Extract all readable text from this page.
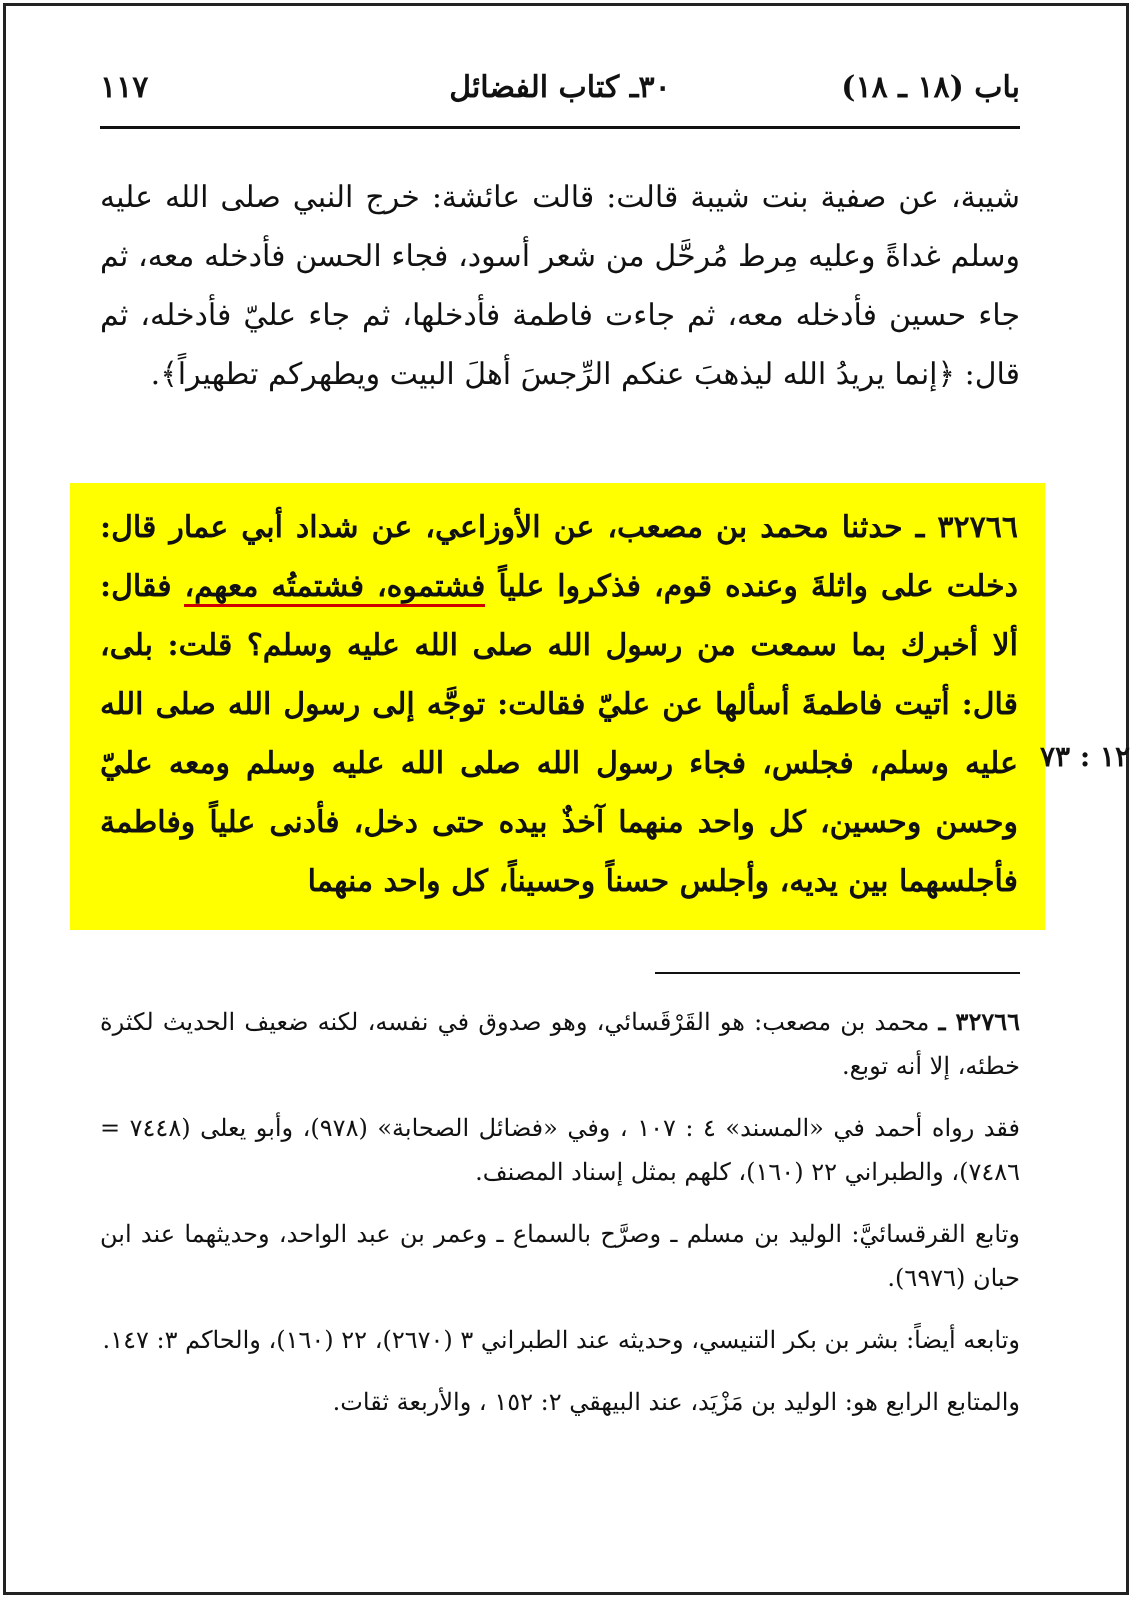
باب (١٨ ـ ١٨)
٣٠ـ كتاب الفضائل
١١٧
شيبة، عن صفية بنت شيبة قالت: قالت عائشة: خرج النبي صلى الله عليه وسلم غداةً وعليه مِرط مُرحَّل من شعر أسود، فجاء الحسن فأدخله معه، ثم جاء حسين فأدخله معه، ثم جاءت فاطمة فأدخلها، ثم جاء عليّ فأدخله، ثم قال: ﴿إنما يريدُ الله ليذهبَ عنكم الرِّجسَ أهلَ البيت ويطهركم تطهيراً﴾.

٣٢٧٦٦ ـ حدثنا محمد بن مصعب، عن الأوزاعي، عن شداد أبي عمار قال: دخلت على واثلةَ وعنده قوم، فذكروا علياً فشتموه، فشتمتُه معهم، فقال: ألا أخبرك بما سمعت من رسول الله صلى الله عليه وسلم؟ قلت: بلى، قال: أتيت فاطمةَ أسألها عن عليّ فقالت: توجَّه إلى رسول الله صلى الله عليه وسلم، فجلس، فجاء رسول الله صلى الله عليه وسلم ومعه عليّ وحسن وحسين، كل واحد منهما آخذٌ بيده حتى دخل، فأدنى علياً وفاطمة فأجلسهما بين يديه، وأجلس حسناً وحسيناً، كل واحد منهما

١٢ : ٧٣

٣٢٧٦٦ ـ محمد بن مصعب: هو القَرْقَسائي، وهو صدوق في نفسه، لكنه ضعيف الحديث لكثرة خطئه، إلا أنه توبع.

فقد رواه أحمد في «المسند» ٤ : ١٠٧ ، وفي «فضائل الصحابة» (٩٧٨)، وأبو يعلى (٧٤٤٨ = ٧٤٨٦)، والطبراني ٢٢ (١٦٠)، كلهم بمثل إسناد المصنف.

وتابع القرقسائيَّ: الوليد بن مسلم ـ وصرَّح بالسماع ـ وعمر بن عبد الواحد، وحديثهما عند ابن حبان (٦٩٧٦).

وتابعه أيضاً: بشر بن بكر التنيسي، وحديثه عند الطبراني ٣ (٢٦٧٠)، ٢٢ (١٦٠)، والحاكم ٣: ١٤٧.

والمتابع الرابع هو: الوليد بن مَزْيَد، عند البيهقي ٢: ١٥٢ ، والأربعة ثقات.
